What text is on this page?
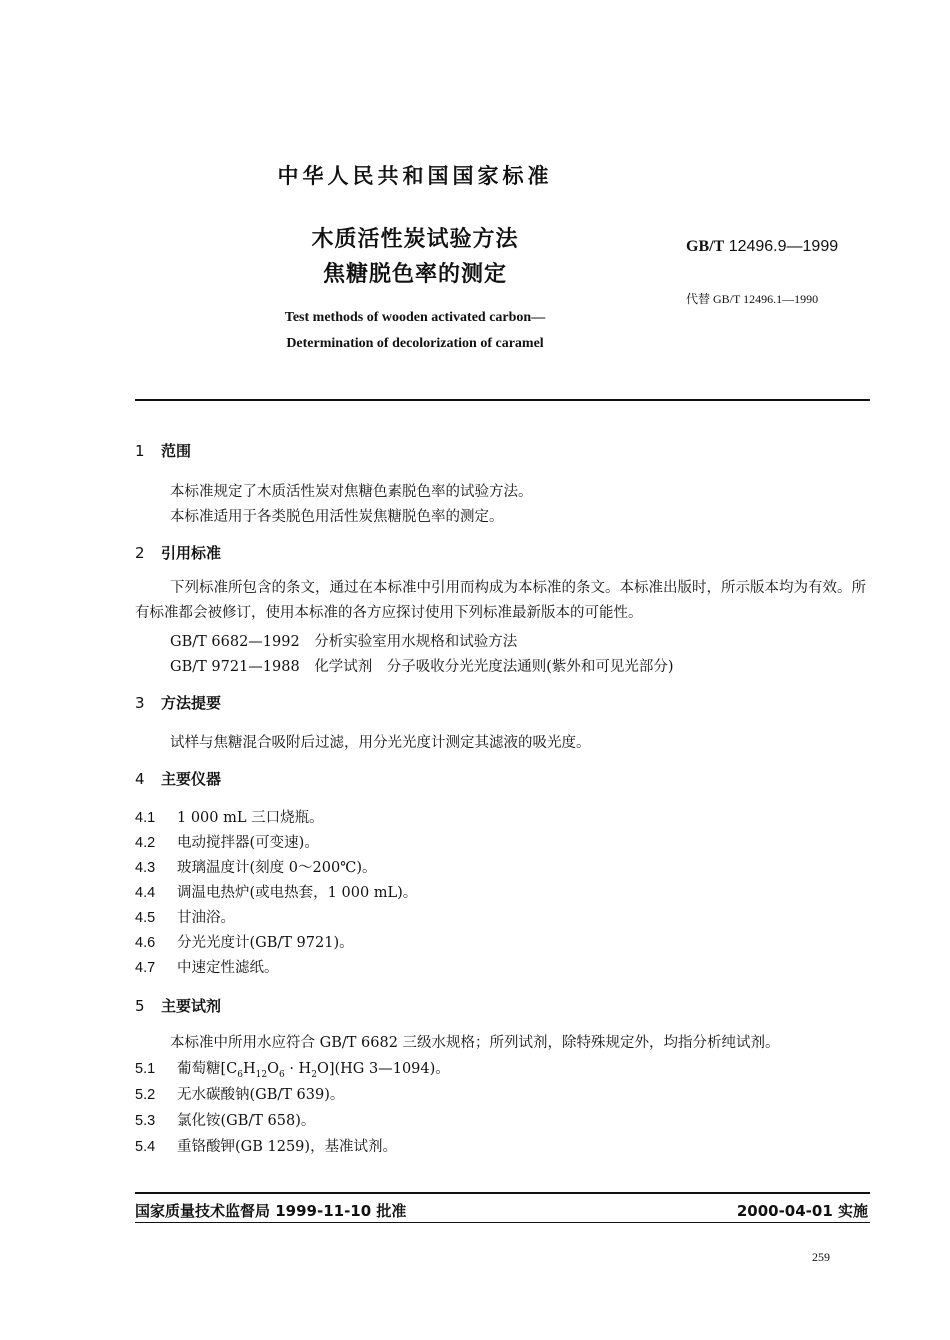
中华人民共和国国家标准
木质活性炭试验方法
焦糖脱色率的测定
Test methods of wooden activated carbon—
Determination of decolorization of caramel
GB/T 12496.9—1999
代替 GB/T 12496.1—1990
1 范围
本标准规定了木质活性炭对焦糖色素脱色率的试验方法。
本标准适用于各类脱色用活性炭焦糖脱色率的测定。
2 引用标准
下列标准所包含的条文，通过在本标准中引用而构成为本标准的条文。本标准出版时，所示版本均为有效。所有标准都会被修订，使用本标准的各方应探讨使用下列标准最新版本的可能性。
GB/T 6682—1992　分析实验室用水规格和试验方法
GB/T 9721—1988　化学试剂　分子吸收分光光度法通则(紫外和可见光部分)
3 方法提要
试样与焦糖混合吸附后过滤，用分光光度计测定其滤液的吸光度。
4 主要仪器
4.1 1 000 mL 三口烧瓶。
4.2 电动搅拌器(可变速)。
4.3 玻璃温度计(刻度 0～200℃)。
4.4 调温电热炉(或电热套，1 000 mL)。
4.5 甘油浴。
4.6 分光光度计(GB/T 9721)。
4.7 中速定性滤纸。
5 主要试剂
本标准中所用水应符合 GB/T 6682 三级水规格；所列试剂，除特殊规定外，均指分析纯试剂。
5.1 葡萄糖$[C_6H_{12}O_6 \cdot H_2O](HG$ 3—1094)。
5.2 无水碳酸钠(GB/T 639)。
5.3 氯化铵(GB/T 658)。
5.4 重铬酸钾(GB 1259)，基准试剂。
国家质量技术监督局 1999-11-10 批准	2000-04-01 实施
259
